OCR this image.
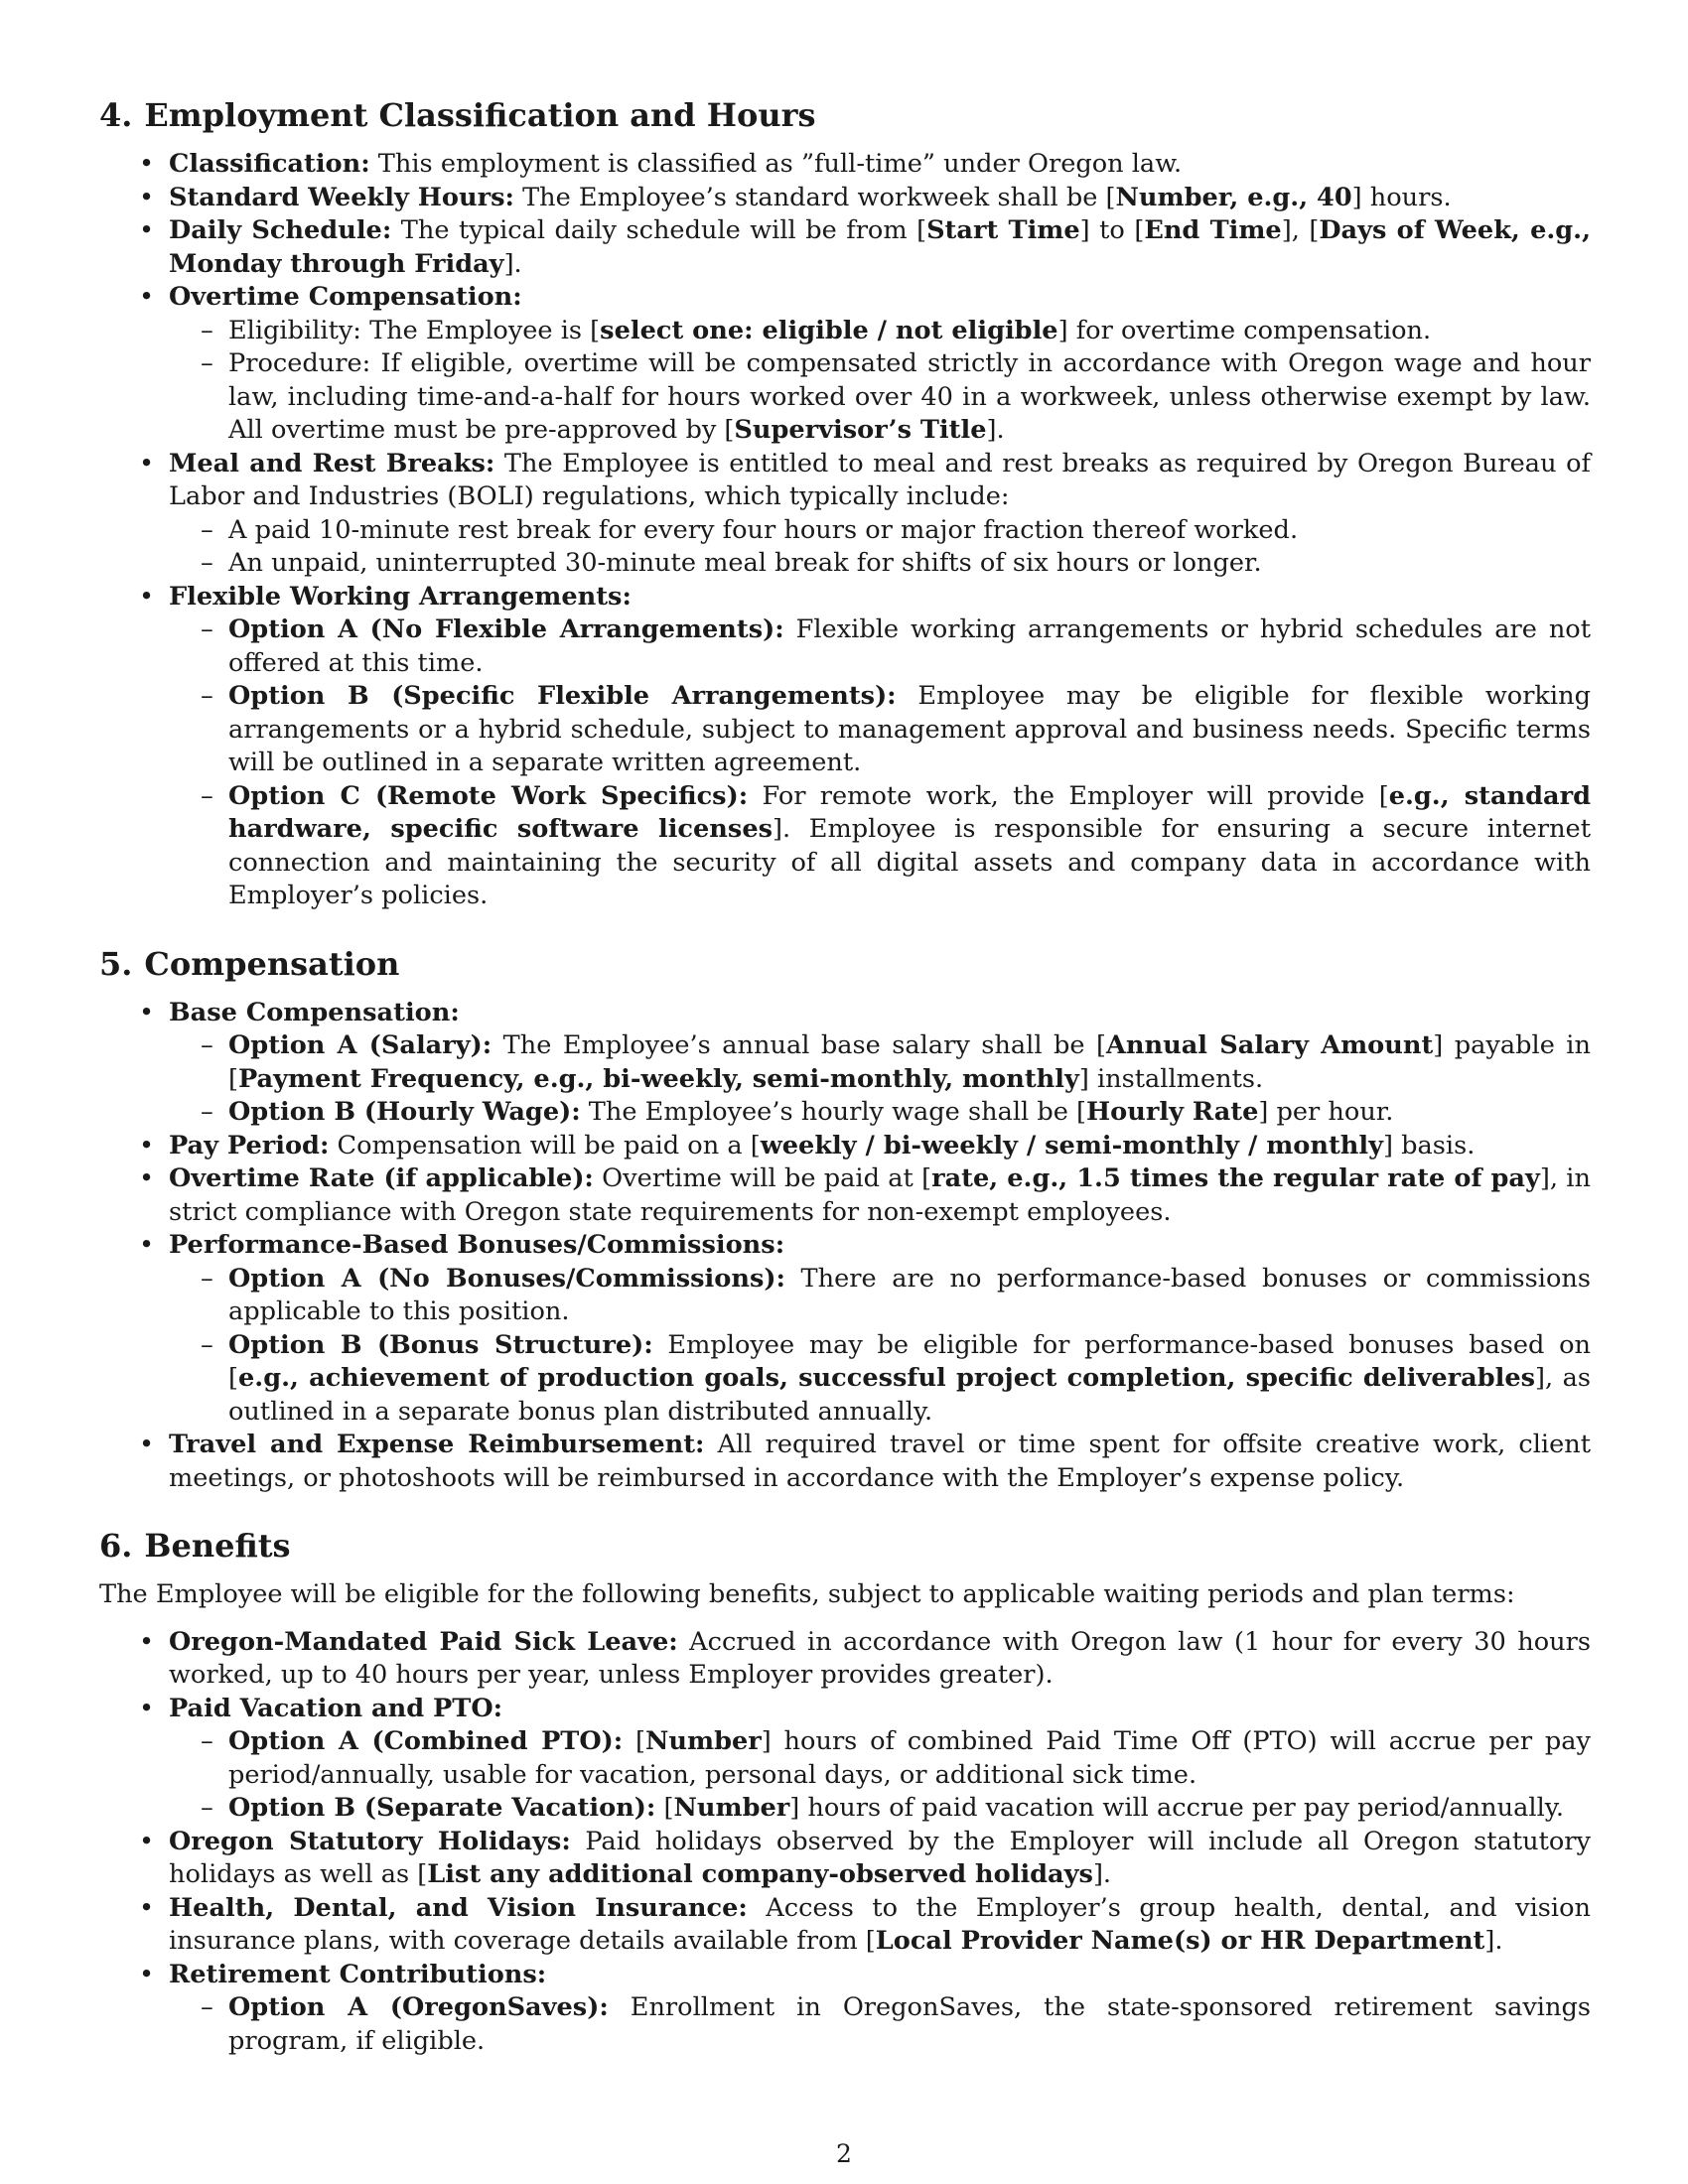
4. Employment Classification and Hours
• Classification: This employment is classified as ”full-time” under Oregon law.
• Standard Weekly Hours: The Employee’s standard workweek shall be [Number, e.g., 40] hours.
• Daily Schedule: The typical daily schedule will be from [Start Time] to [End Time], [Days of Week, e.g., Monday through Friday].
• Overtime Compensation:
– Eligibility: The Employee is [select one: eligible / not eligible] for overtime compensation.
– Procedure: If eligible, overtime will be compensated strictly in accordance with Oregon wage and hour law, including time-and-a-half for hours worked over 40 in a workweek, unless otherwise exempt by law. All overtime must be pre-approved by [Supervisor’s Title].
• Meal and Rest Breaks: The Employee is entitled to meal and rest breaks as required by Oregon Bureau of Labor and Industries (BOLI) regulations, which typically include:
– A paid 10-minute rest break for every four hours or major fraction thereof worked.
– An unpaid, uninterrupted 30-minute meal break for shifts of six hours or longer.
• Flexible Working Arrangements:
– Option A (No Flexible Arrangements): Flexible working arrangements or hybrid schedules are not offered at this time.
– Option B (Specific Flexible Arrangements): Employee may be eligible for flexible working arrangements or a hybrid schedule, subject to management approval and business needs. Specific terms will be outlined in a separate written agreement.
– Option C (Remote Work Specifics): For remote work, the Employer will provide [e.g., standard hardware, specific software licenses]. Employee is responsible for ensuring a secure internet connection and maintaining the security of all digital assets and company data in accordance with Employer’s policies.
5. Compensation
• Base Compensation:
– Option A (Salary): The Employee’s annual base salary shall be [Annual Salary Amount] payable in [Payment Frequency, e.g., bi-weekly, semi-monthly, monthly] installments.
– Option B (Hourly Wage): The Employee’s hourly wage shall be [Hourly Rate] per hour.
• Pay Period: Compensation will be paid on a [weekly / bi-weekly / semi-monthly / monthly] basis.
• Overtime Rate (if applicable): Overtime will be paid at [rate, e.g., 1.5 times the regular rate of pay], in strict compliance with Oregon state requirements for non-exempt employees.
• Performance-Based Bonuses/Commissions:
– Option A (No Bonuses/Commissions): There are no performance-based bonuses or commissions applicable to this position.
– Option B (Bonus Structure): Employee may be eligible for performance-based bonuses based on [e.g., achievement of production goals, successful project completion, specific deliverables], as outlined in a separate bonus plan distributed annually.
• Travel and Expense Reimbursement: All required travel or time spent for offsite creative work, client meetings, or photoshoots will be reimbursed in accordance with the Employer’s expense policy.
6. Benefits

The Employee will be eligible for the following benefits, subject to applicable waiting periods and plan terms:

• Oregon-Mandated Paid Sick Leave: Accrued in accordance with Oregon law (1 hour for every 30 hours worked, up to 40 hours per year, unless Employer provides greater).
• Paid Vacation and PTO:
– Option A (Combined PTO): [Number] hours of combined Paid Time Off (PTO) will accrue per pay period/annually, usable for vacation, personal days, or additional sick time.
– Option B (Separate Vacation): [Number] hours of paid vacation will accrue per pay period/annually.
• Oregon Statutory Holidays: Paid holidays observed by the Employer will include all Oregon statutory holidays as well as [List any additional company-observed holidays].
• Health, Dental, and Vision Insurance: Access to the Employer’s group health, dental, and vision insurance plans, with coverage details available from [Local Provider Name(s) or HR Department].
• Retirement Contributions:
– Option A (OregonSaves): Enrollment in OregonSaves, the state-sponsored retirement savings program, if eligible.
2
